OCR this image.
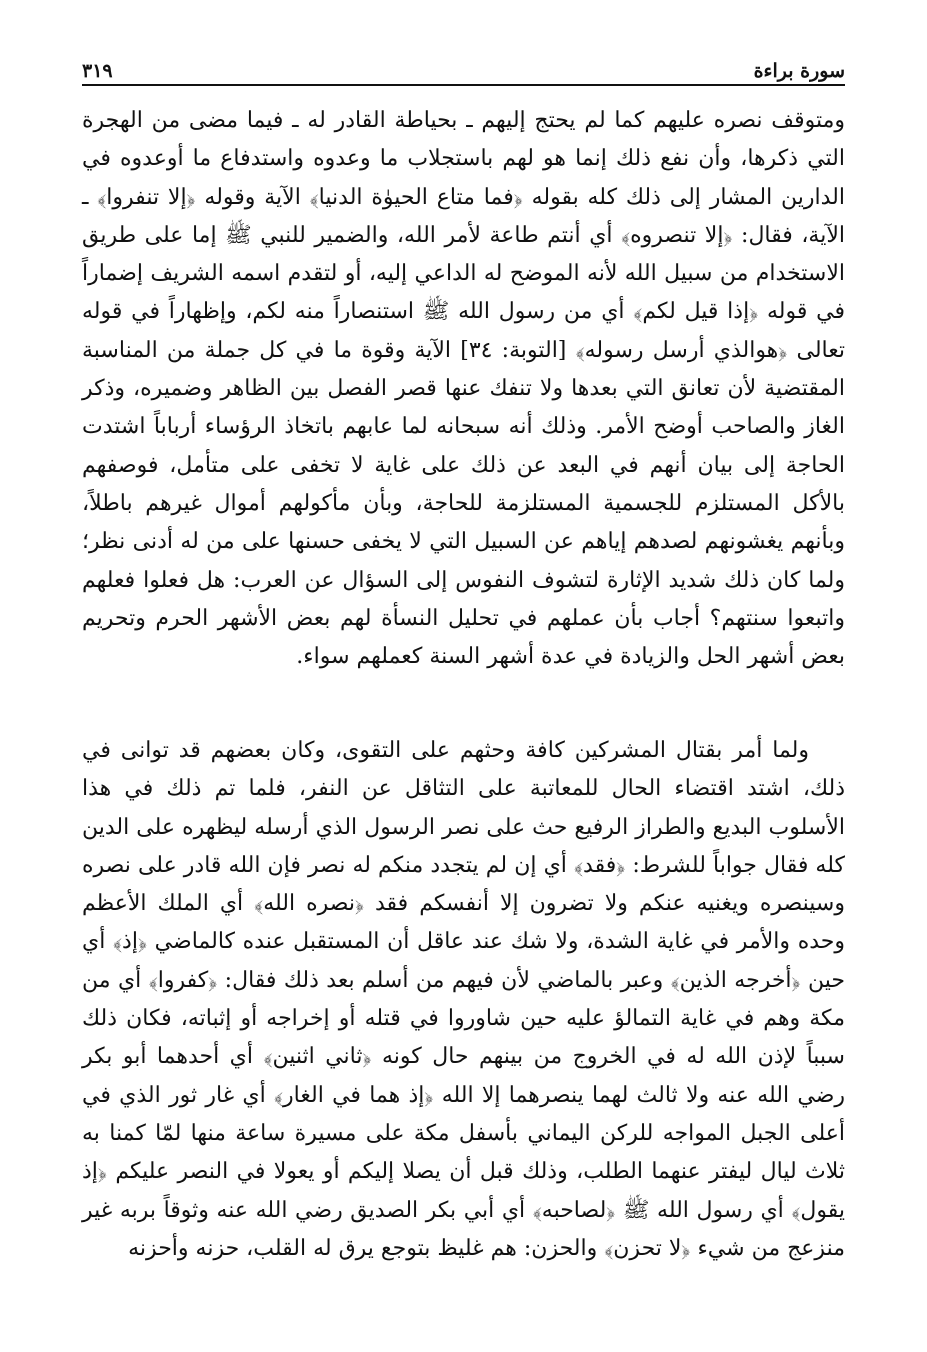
سورة براءة
٣١٩

ومتوقف نصره عليهم كما لم يحتج إليهم ـ بحياطة القادر له ـ فيما مضى من الهجرة التي ذكرها، وأن نفع ذلك إنما هو لهم باستجلاب ما وعدوه واستدفاع ما أوعدوه في الدارين المشار إلى ذلك كله بقوله ﴿فما متاع الحيوٰة الدنيا﴾ الآية وقوله ﴿إلا تنفروا﴾ ـ الآية، فقال: ﴿إلا تنصروه﴾ أي أنتم طاعة لأمر الله، والضمير للنبي ﷺ إما على طريق الاستخدام من سبيل الله لأنه الموضح له الداعي إليه، أو لتقدم اسمه الشريف إضماراً في قوله ﴿إذا قيل لكم﴾ أي من رسول الله ﷺ استنصاراً منه لكم، وإظهاراً في قوله تعالى ﴿هوالذي أرسل رسوله﴾ [التوبة: ٣٤] الآية وقوة ما في كل جملة من المناسبة المقتضية لأن تعانق التي بعدها ولا تنفك عنها قصر الفصل بين الظاهر وضميره، وذكر الغاز والصاحب أوضح الأمر. وذلك أنه سبحانه لما عابهم باتخاذ الرؤساء أرباباً اشتدت الحاجة إلى بيان أنهم في البعد عن ذلك على غاية لا تخفى على متأمل، فوصفهم بالأكل المستلزم للجسمية المستلزمة للحاجة، وبأن مأكولهم أموال غيرهم باطلاً، وبأنهم يغشونهم لصدهم إياهم عن السبيل التي لا يخفى حسنها على من له أدنى نظر؛ ولما كان ذلك شديد الإثارة لتشوف النفوس إلى السؤال عن العرب: هل فعلوا فعلهم واتبعوا سنتهم؟ أجاب بأن عملهم في تحليل النسأة لهم بعض الأشهر الحرم وتحريم بعض أشهر الحل والزيادة في عدة أشهر السنة كعملهم سواء.

ولما أمر بقتال المشركين كافة وحثهم على التقوى، وكان بعضهم قد توانى في ذلك، اشتد اقتضاء الحال للمعاتبة على التثاقل عن النفر، فلما تم ذلك في هذا الأسلوب البديع والطراز الرفيع حث على نصر الرسول الذي أرسله ليظهره على الدين كله فقال جواباً للشرط: ﴿فقد﴾ أي إن لم يتجدد منكم له نصر فإن الله قادر على نصره وسينصره ويغنيه عنكم ولا تضرون إلا أنفسكم فقد ﴿نصره الله﴾ أي الملك الأعظم وحده والأمر في غاية الشدة، ولا شك عند عاقل أن المستقبل عنده كالماضي ﴿إذ﴾ أي حين ﴿أخرجه الذين﴾ وعبر بالماضي لأن فيهم من أسلم بعد ذلك فقال: ﴿كفروا﴾ أي من مكة وهم في غاية التمالؤ عليه حين شاوروا في قتله أو إخراجه أو إثباته، فكان ذلك سبباً لإذن الله له في الخروج من بينهم حال كونه ﴿ثاني اثنين﴾ أي أحدهما أبو بكر رضي الله عنه ولا ثالث لهما ينصرهما إلا الله ﴿إذ هما في الغار﴾ أي غار ثور الذي في أعلى الجبل المواجه للركن اليماني بأسفل مكة على مسيرة ساعة منها لمّا كمنا به ثلاث ليال ليفتر عنهما الطلب، وذلك قبل أن يصلا إليكم أو يعولا في النصر عليكم ﴿إذ يقول﴾ أي رسول الله ﷺ ﴿لصاحبه﴾ أي أبي بكر الصديق رضي الله عنه وثوقاً بربه غير منزعج من شيء ﴿لا تحزن﴾ والحزن: هم غليظ بتوجع يرق له القلب، حزنه وأحزنه
